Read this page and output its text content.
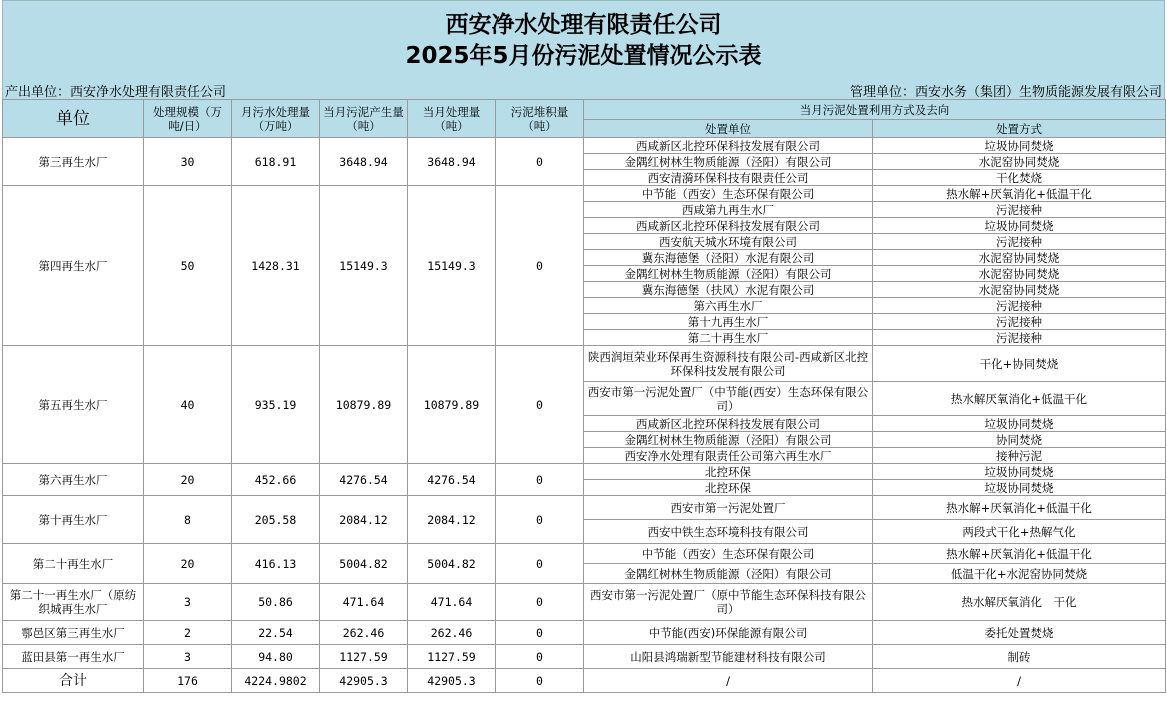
西安净水处理有限责任公司
2025年5月份污泥处置情况公示表
产出单位：西安净水处理有限责任公司	管理单位：西安水务（集团）生物质能源发展有限公司
单位	处理规模（万吨/日）	月污水处理量（万吨）	当月污泥产生量（吨）	当月处理量（吨）	污泥堆积量（吨）	当月污泥处置利用方式及去向	
						处置单位	处置方式
第三再生水厂	30	618.91	3648.94	3648.94	0	西咸新区北控环保科技发展有限公司	垃圾协同焚烧
						金隅红树林生物质能源（泾阳）有限公司	水泥窑协同焚烧
						西安清漪环保科技有限责任公司	干化焚烧
第四再生水厂	50	1428.31	15149.3	15149.3	0	中节能（西安）生态环保有限公司	热水解+厌氧消化+低温干化
						西咸第九再生水厂	污泥接种
						西咸新区北控环保科技发展有限公司	垃圾协同焚烧
						西安航天城水环境有限公司	污泥接种
						冀东海德堡（泾阳）水泥有限公司	水泥窑协同焚烧
						金隅红树林生物质能源（泾阳）有限公司	水泥窑协同焚烧
						冀东海德堡（扶风）水泥有限公司	水泥窑协同焚烧
						第六再生水厂	污泥接种
						第十九再生水厂	污泥接种
						第二十再生水厂	污泥接种
第五再生水厂	40	935.19	10879.89	10879.89	0	陕西润垣荣业环保再生资源科技有限公司-西咸新区北控环保科技发展有限公司	干化+协同焚烧
						西安市第一污泥处置厂（中节能(西安）生态环保有限公司）	热水解厌氧消化+低温干化
						西咸新区北控环保科技发展有限公司	垃圾协同焚烧
						金隅红树林生物质能源（泾阳）有限公司	协同焚烧
						西安净水处理有限责任公司第六再生水厂	接种污泥
第六再生水厂	20	452.66	4276.54	4276.54	0	北控环保	垃圾协同焚烧
						北控环保	垃圾协同焚烧
第十再生水厂	8	205.58	2084.12	2084.12	0	西安市第一污泥处置厂	热水解+厌氧消化+低温干化
						西安中铁生态环境科技有限公司	两段式干化+热解气化
第二十再生水厂	20	416.13	5004.82	5004.82	0	中节能（西安）生态环保有限公司	热水解+厌氧消化+低温干化
						金隅红树林生物质能源（泾阳）有限公司	低温干化+水泥窑协同焚烧
第二十一再生水厂（原纺织城再生水厂	3	50.86	471.64	471.64	0	西安市第一污泥处置厂（原中节能生态环保科技有限公司）	热水解厌氧消化　干化
鄠邑区第三再生水厂	2	22.54	262.46	262.46	0	中节能(西安)环保能源有限公司	委托处置焚烧
蓝田县第一再生水厂	3	94.80	1127.59	1127.59	0	山阳县鸿瑞新型节能建材科技有限公司	制砖
合计	176	4224.9802	42905.3	42905.3	0	/	/
